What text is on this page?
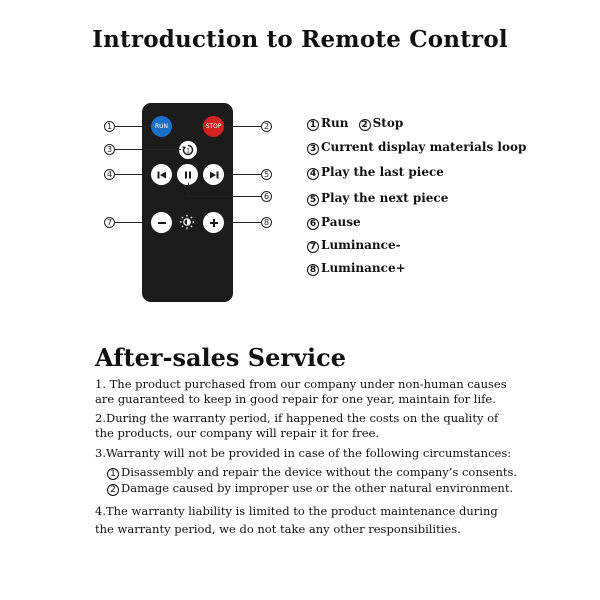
Introduction to Remote Control
RUN	STOP
1
1	2
3
4	5
6
7	8
1 Run 2 Stop
3 Current display materials loop
4 Play the last piece
5 Play the next piece
6 Pause
7 Luminance-
8 Luminance+
After-sales Service
1. The product purchased from our company under non-human causes are guaranteed to keep in good repair for one year, maintain for life.
2.During the warranty period, if happened the costs on the quality of the products, our company will repair it for free.
3.Warranty will not be provided in case of the following circumstances:
1 Disassembly and repair the device without the company’s consents.
2 Damage caused by improper use or the other natural environment.
4.The warranty liability is limited to the product maintenance during the warranty period, we do not take any other responsibilities.
